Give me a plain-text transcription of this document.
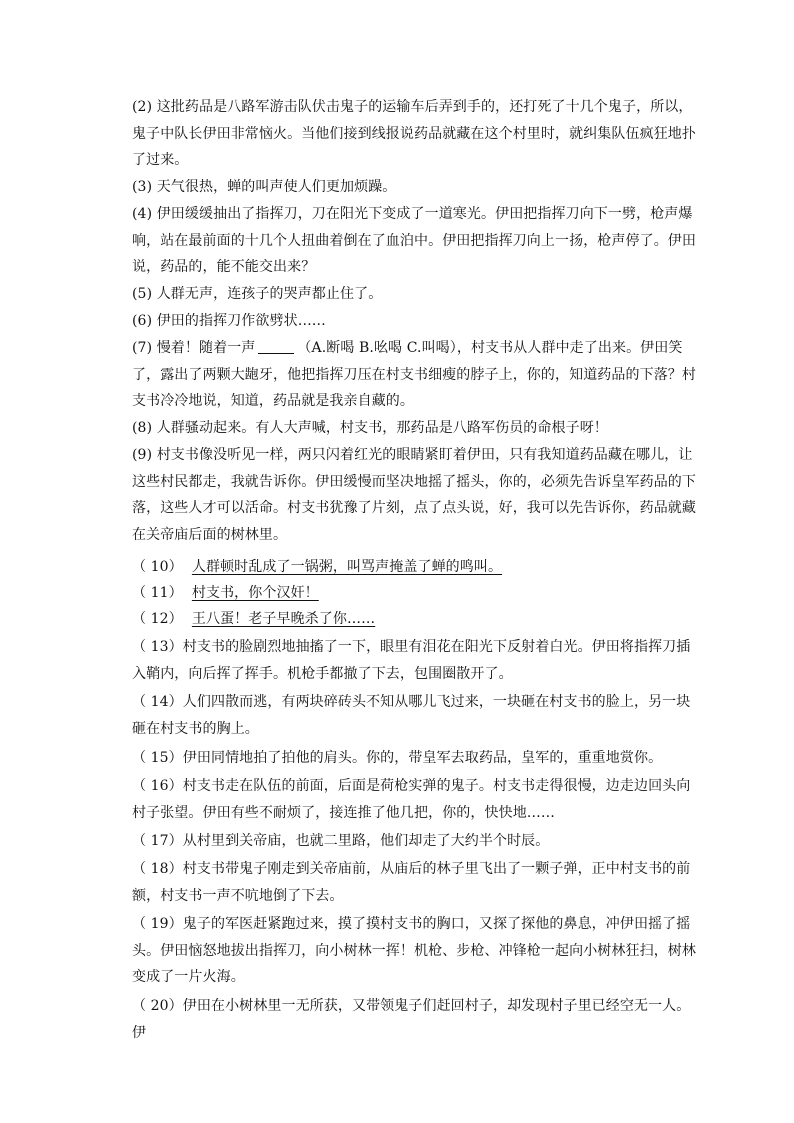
(2) 这批药品是八路军游击队伏击鬼子的运输车后弄到手的，还打死了十几个鬼子，所以，鬼子中队长伊田非常恼火。当他们接到线报说药品就藏在这个村里时，就纠集队伍疯狂地扑了过来。

(3) 天气很热，蝉的叫声使人们更加烦躁。

(4) 伊田缓缓抽出了指挥刀，刀在阳光下变成了一道寒光。伊田把指挥刀向下一劈，枪声爆响，站在最前面的十几个人扭曲着倒在了血泊中。伊田把指挥刀向上一扬，枪声停了。伊田说，药品的，能不能交出来？

(5) 人群无声，连孩子的哭声都止住了。

(6) 伊田的指挥刀作欲劈状……

(7) 慢着！随着一声	（A.断喝 B.吆喝 C.叫喝），村支书从人群中走了出来。伊田笑了，露出了两颗大龅牙，他把指挥刀压在村支书细瘦的脖子上，你的，知道药品的下落？村支书冷冷地说，知道，药品就是我亲自藏的。

(8) 人群骚动起来。有人大声喊，村支书，那药品是八路军伤员的命根子呀！

(9) 村支书像没听见一样，两只闪着红光的眼睛紧盯着伊田，只有我知道药品藏在哪儿，让这些村民都走，我就告诉你。伊田缓慢而坚决地摇了摇头，你的，必须先告诉皇军药品的下落，这些人才可以活命。村支书犹豫了片刻，点了点头说，好，我可以先告诉你，药品就藏在关帝庙后面的树林里。

（ 10） 人群顿时乱成了一锅粥，叫骂声掩盖了蝉的鸣叫。

（ 11） 村支书，你个汉奸！

（ 12） 王八蛋！老子早晚杀了你……

（ 13）村支书的脸剧烈地抽搐了一下，眼里有泪花在阳光下反射着白光。伊田将指挥刀插入鞘内，向后挥了挥手。机枪手都撤了下去，包围圈散开了。

（ 14）人们四散而逃，有两块碎砖头不知从哪儿飞过来，一块砸在村支书的脸上，另一块砸在村支书的胸上。

（ 15）伊田同情地拍了拍他的肩头。你的，带皇军去取药品，皇军的，重重地赏你。

（ 16）村支书走在队伍的前面，后面是荷枪实弹的鬼子。村支书走得很慢，边走边回头向村子张望。伊田有些不耐烦了，接连推了他几把，你的，快快地……

（ 17）从村里到关帝庙，也就二里路，他们却走了大约半个时辰。

（ 18）村支书带鬼子刚走到关帝庙前，从庙后的林子里飞出了一颗子弹，正中村支书的前额，村支书一声不吭地倒了下去。

（ 19）鬼子的军医赶紧跑过来，摸了摸村支书的胸口，又探了探他的鼻息，冲伊田摇了摇头。伊田恼怒地拔出指挥刀，向小树林一挥！机枪、步枪、冲锋枪一起向小树林狂扫，树林变成了一片火海。

（ 20）伊田在小树林里一无所获，又带领鬼子们赶回村子，却发现村子里已经空无一人。伊
